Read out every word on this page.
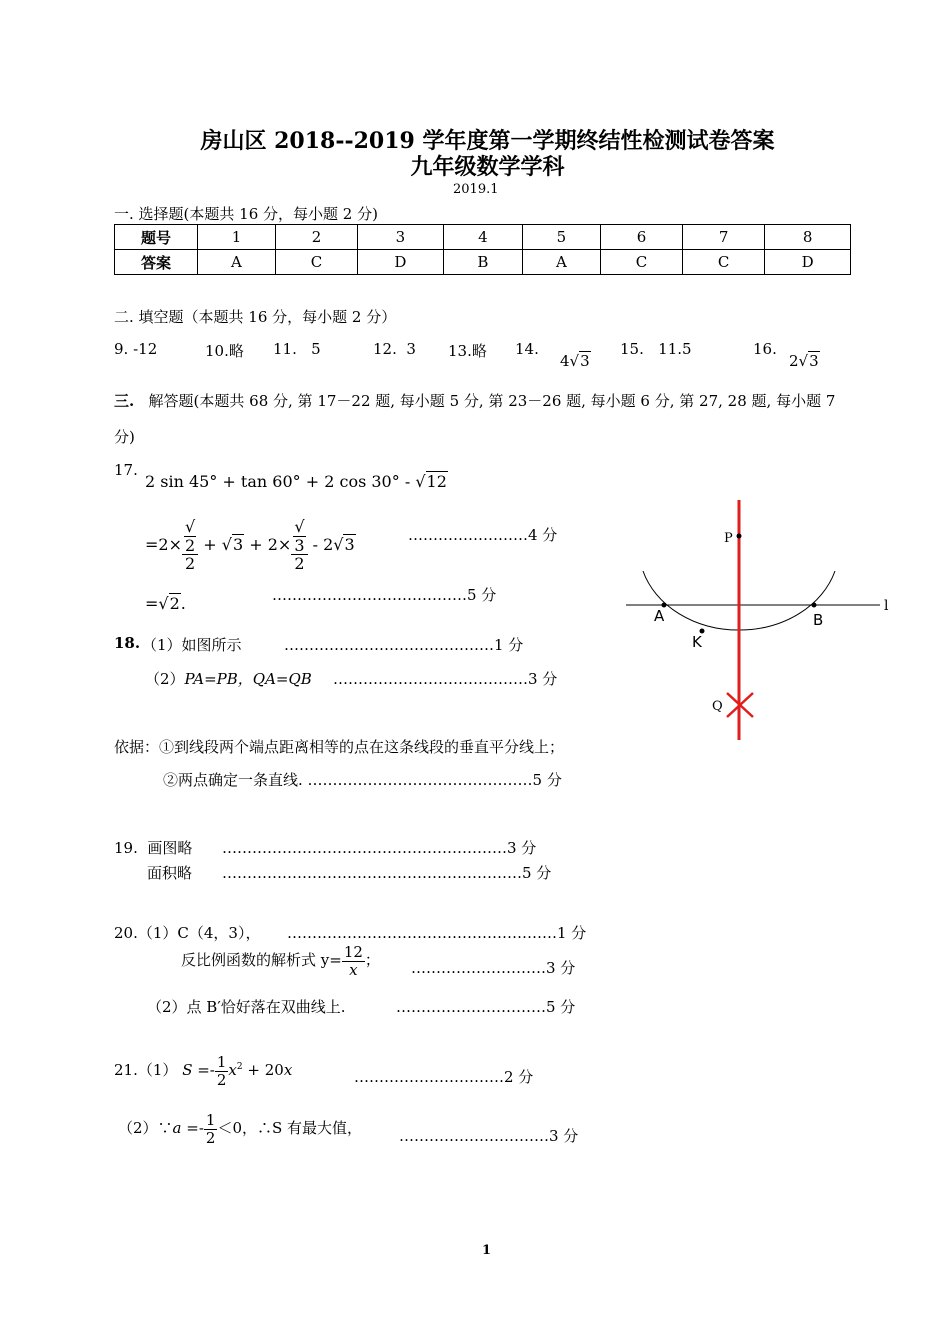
房山区 2018--2019 学年度第一学期终结性检测试卷答案
九年级数学学科
2019.1
一. 选择题(本题共 16 分，每小题 2 分)
题号	1	2	3	4	5	6	7	8
答案	A	C	D	B	A	C	C	D
二. 填空题（本题共 16 分，每小题 2 分）
9. -12	10.略 11. 5	12. 3 13.略 14.
4√3
15. 11.5	16.
2√3
三. 解答题(本题共 68 分, 第 17－22 题, 每小题 5 分, 第 23－26 题, 每小题 6 分, 第 27, 28 题, 每小题 7
分)
17.
2 sin 45° + tan 60° + 2 cos 30° - √12
=2× √
2
2 + √3 + 2× √
3
2 - 2√3	……………………4 分
=√2.	…………………………………5 分
18. （1）如图所示	……………………………………1 分
（2）PA=PB，QA=QB …………………………………3 分
依据：①到线段两个端点距离相等的点在这条线段的垂直平分线上；
②两点确定一条直线. ………………………………………5 分
P
A	B
K
Q
l
19. 画图略 …………………………………………………3 分
面积略 ……………………………………………………5 分
20.（1）C（4，3）， ………………………………………………1 分
反比例函数的解析式 $y= \frac{12}{x}$ ； ………………………3 分
（2）点 B′恰好落在双曲线上.	…………………………5 分
21.（1） $S =- \frac{1}{2} x^2 + 20x$	…………………………2 分
（2）∵a =- $\frac{1}{2} <0$，∴S 有最大值， …………………………3 分
1
